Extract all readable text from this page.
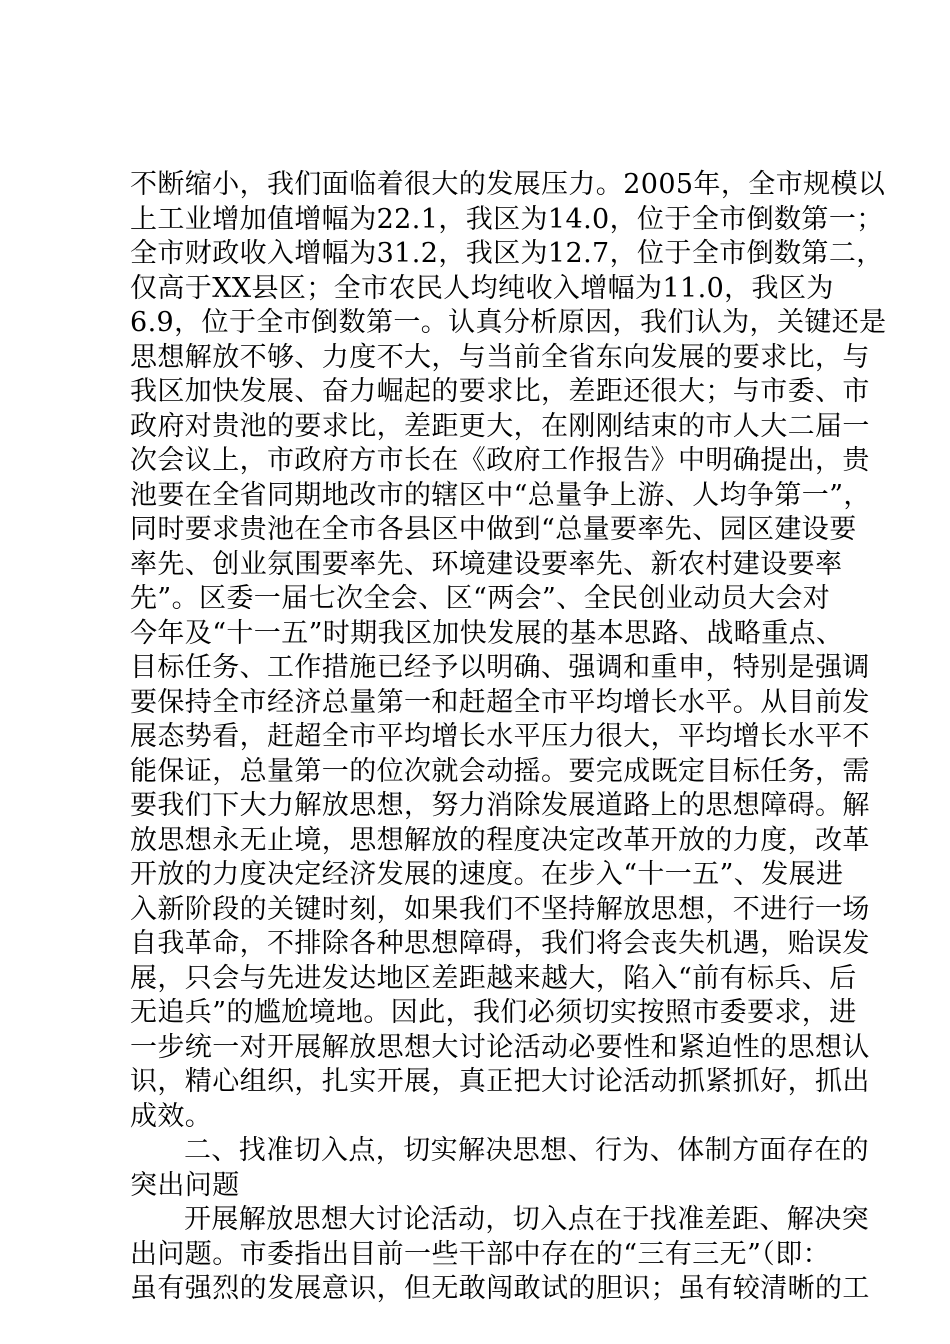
不断缩小，我们面临着很大的发展压力。2005年，全市规模以
上工业增加值增幅为22.1，我区为14.0，位于全市倒数第一；
全市财政收入增幅为31.2，我区为12.7，位于全市倒数第二，
仅高于XX县区；全市农民人均纯收入增幅为11.0，我区为
6.9，位于全市倒数第一。认真分析原因，我们认为，关键还是
思想解放不够、力度不大，与当前全省东向发展的要求比，与
我区加快发展、奋力崛起的要求比，差距还很大；与市委、市
政府对贵池的要求比，差距更大，在刚刚结束的市人大二届一
次会议上，市政府方市长在《政府工作报告》中明确提出，贵
池要在全省同期地改市的辖区中“总量争上游、人均争第一”，
同时要求贵池在全市各县区中做到“总量要率先、园区建设要
率先、创业氛围要率先、环境建设要率先、新农村建设要率
先”。区委一届七次全会、区“两会”、全民创业动员大会对
今年及“十一五”时期我区加快发展的基本思路、战略重点、
目标任务、工作措施已经予以明确、强调和重申，特别是强调
要保持全市经济总量第一和赶超全市平均增长水平。从目前发
展态势看，赶超全市平均增长水平压力很大，平均增长水平不
能保证，总量第一的位次就会动摇。要完成既定目标任务，需
要我们下大力解放思想，努力消除发展道路上的思想障碍。解
放思想永无止境，思想解放的程度决定改革开放的力度，改革
开放的力度决定经济发展的速度。在步入“十一五”、发展进
入新阶段的关键时刻，如果我们不坚持解放思想，不进行一场
自我革命，不排除各种思想障碍，我们将会丧失机遇，贻误发
展，只会与先进发达地区差距越来越大，陷入“前有标兵、后
无追兵”的尴尬境地。因此，我们必须切实按照市委要求，进
一步统一对开展解放思想大讨论活动必要性和紧迫性的思想认
识，精心组织，扎实开展，真正把大讨论活动抓紧抓好，抓出
成效。
二、找准切入点，切实解决思想、行为、体制方面存在的
突出问题
开展解放思想大讨论活动，切入点在于找准差距、解决突
出问题。市委指出目前一些干部中存在的“三有三无”（即：
虽有强烈的发展意识，但无敢闯敢试的胆识；虽有较清晰的工
